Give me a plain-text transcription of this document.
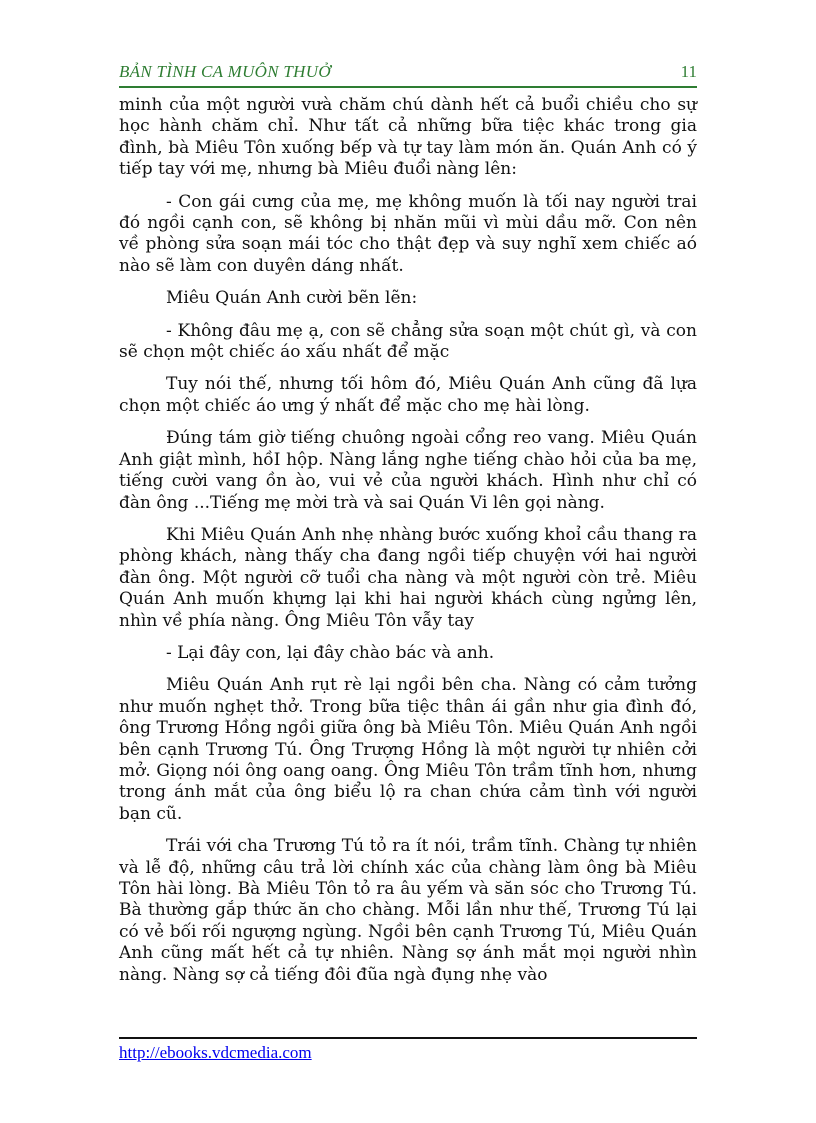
BẢN TÌNH CA MUÔN THUỞ	11

minh của một người vưà chăm chú dành hết cả buổi chiều cho sự học hành chăm chỉ. Như tất cả những bữa tiệc khác trong gia đình, bà Miêu Tôn xuống bếp và tự tay làm món ăn. Quán Anh có ý tiếp tay với mẹ, nhưng bà Miêu đuổi nàng lên:

- Con gái cưng của mẹ, mẹ không muốn là tối nay người trai đó ngồi cạnh con, sẽ không bị nhăn mũi vì mùi dầu mỡ. Con nên về phòng sửa soạn mái tóc cho thật đẹp và suy nghĩ xem chiếc aó nào sẽ làm con duyên dáng nhất.

Miêu Quán Anh cười bẽn lẽn:

- Không đâu mẹ ạ, con sẽ chẳng sửa soạn một chút gì, và con sẽ chọn một chiếc áo xấu nhất để mặc

Tuy nói thế, nhưng tối hôm đó, Miêu Quán Anh cũng đã lựa chọn một chiếc áo ưng ý nhất để mặc cho mẹ hài lòng.

Đúng tám giờ tiếng chuông ngoài cổng reo vang. Miêu Quán Anh giật mình, hồI hộp. Nàng lắng nghe tiếng chào hỏi của ba mẹ, tiếng cười vang ồn ào, vui vẻ của người khách. Hình như chỉ có đàn ông ...Tiếng mẹ mời trà và sai Quán Vi lên gọi nàng.

Khi Miêu Quán Anh nhẹ nhàng bước xuống khoỉ cầu thang ra phòng khách, nàng thấy cha đang ngồi tiếp chuyện với hai người đàn ông. Một người cỡ tuổi cha nàng và một người còn trẻ. Miêu Quán Anh muốn khựng lại khi hai người khách cùng ngửng lên, nhìn về phía nàng. Ông Miêu Tôn vẫy tay

- Lại đây con, lại đây chào bác và anh.

Miêu Quán Anh rụt rè lại ngồi bên cha. Nàng có cảm tưởng như muốn nghẹt thở. Trong bữa tiệc thân ái gần như gia đình đó, ông Trương Hồng ngồi giữa ông bà Miêu Tôn. Miêu Quán Anh ngồi bên cạnh Trương Tú. Ông Trượng Hồng là một người tự nhiên cởi mở. Giọng nói ông oang oang. Ông Miêu Tôn trầm tĩnh hơn, nhưng trong ánh mắt của ông biểu lộ ra chan chứa cảm tình với người bạn cũ.

Trái với cha Trương Tú tỏ ra ít nói, trầm tĩnh. Chàng tự nhiên và lễ độ, những câu trả lời chính xác của chàng làm ông bà Miêu Tôn hài lòng. Bà Miêu Tôn tỏ ra âu yếm và săn sóc cho Trương Tú. Bà thường gắp thức ăn cho chàng. Mỗi lần như thế, Trương Tú lại có vẻ bối rối ngượng ngùng. Ngồi bên cạnh Trương Tú, Miêu Quán Anh cũng mất hết cả tự nhiên. Nàng sợ ánh mắt mọi người nhìn nàng. Nàng sợ cả tiếng đôi đũa ngà đụng nhẹ vào

http://ebooks.vdcmedia.com
